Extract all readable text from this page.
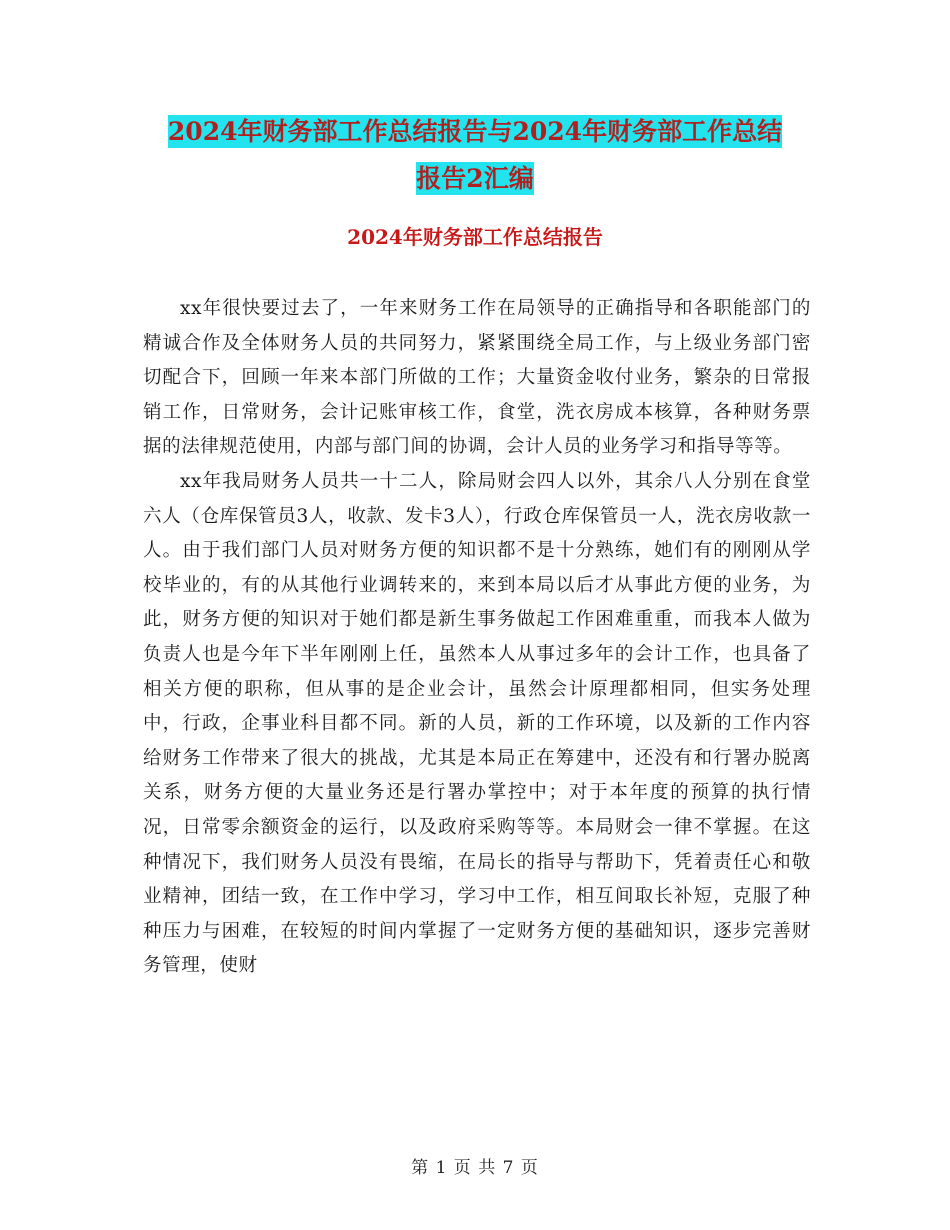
2024年财务部工作总结报告与2024年财务部工作总结
报告2汇编
2024年财务部工作总结报告

xx年很快要过去了，一年来财务工作在局领导的正确指导和各职能部门的精诚合作及全体财务人员的共同努力，紧紧围绕全局工作，与上级业务部门密切配合下，回顾一年来本部门所做的工作；大量资金收付业务，繁杂的日常报销工作，日常财务，会计记账审核工作，食堂，洗衣房成本核算，各种财务票据的法律规范使用，内部与部门间的协调，会计人员的业务学习和指导等等。

xx年我局财务人员共一十二人，除局财会四人以外，其余八人分别在食堂六人（仓库保管员3人，收款、发卡3人），行政仓库保管员一人，洗衣房收款一人。由于我们部门人员对财务方便的知识都不是十分熟练，她们有的刚刚从学校毕业的，有的从其他行业调转来的，来到本局以后才从事此方便的业务，为此，财务方便的知识对于她们都是新生事务做起工作困难重重，而我本人做为负责人也是今年下半年刚刚上任，虽然本人从事过多年的会计工作，也具备了相关方便的职称，但从事的是企业会计，虽然会计原理都相同，但实务处理中，行政，企事业科目都不同。新的人员，新的工作环境，以及新的工作内容给财务工作带来了很大的挑战，尤其是本局正在筹建中，还没有和行署办脱离关系，财务方便的大量业务还是行署办掌控中；对于本年度的预算的执行情况，日常零余额资金的运行，以及政府采购等等。本局财会一律不掌握。在这种情况下，我们财务人员没有畏缩，在局长的指导与帮助下，凭着责任心和敬业精神，团结一致，在工作中学习，学习中工作，相互间取长补短，克服了种种压力与困难，在较短的时间内掌握了一定财务方便的基础知识，逐步完善财务管理，使财

第 1 页 共 7 页
